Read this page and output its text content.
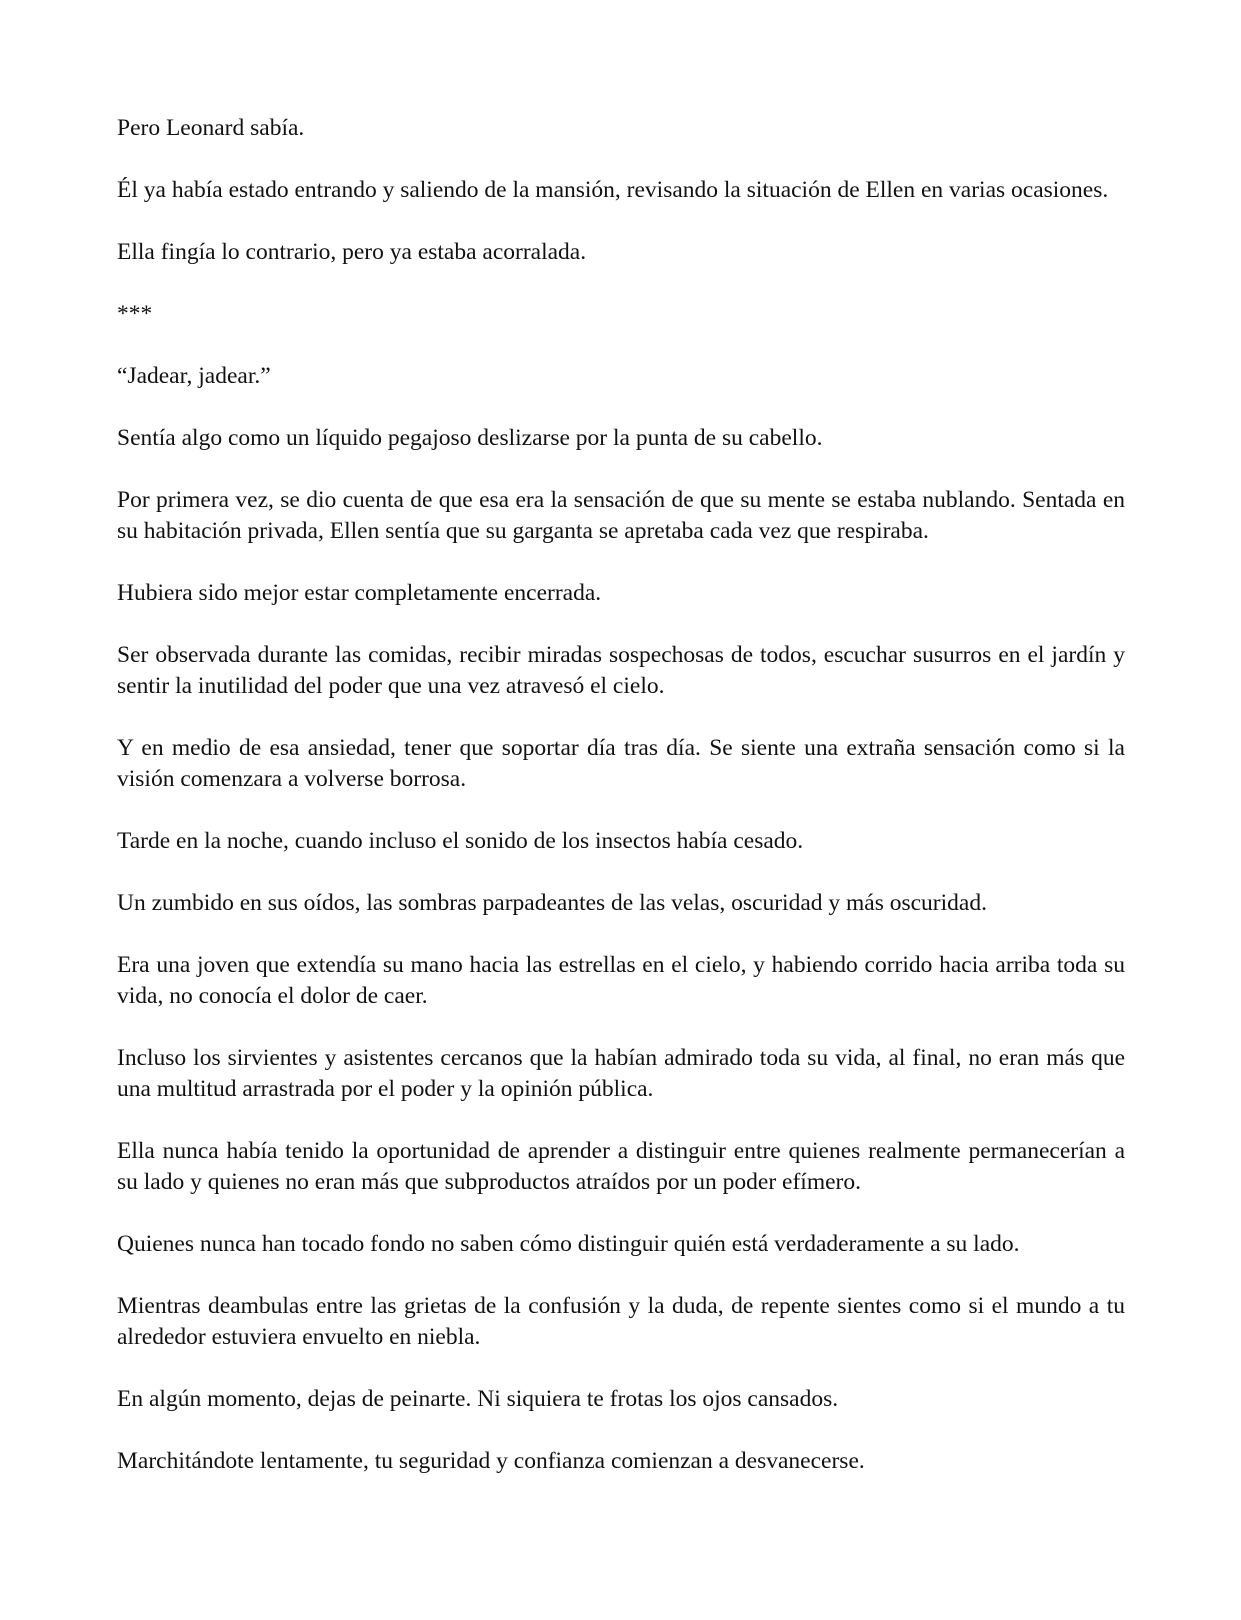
Pero Leonard sabía.

Él ya había estado entrando y saliendo de la mansión, revisando la situación de Ellen en varias ocasiones.

Ella fingía lo contrario, pero ya estaba acorralada.

***

“Jadear, jadear.”

Sentía algo como un líquido pegajoso deslizarse por la punta de su cabello.

Por primera vez, se dio cuenta de que esa era la sensación de que su mente se estaba nublando. Sentada en su habitación privada, Ellen sentía que su garganta se apretaba cada vez que respiraba.

Hubiera sido mejor estar completamente encerrada.

Ser observada durante las comidas, recibir miradas sospechosas de todos, escuchar susurros en el jardín y sentir la inutilidad del poder que una vez atravesó el cielo.

Y en medio de esa ansiedad, tener que soportar día tras día. Se siente una extraña sensación como si la visión comenzara a volverse borrosa.

Tarde en la noche, cuando incluso el sonido de los insectos había cesado.

Un zumbido en sus oídos, las sombras parpadeantes de las velas, oscuridad y más oscuridad.

Era una joven que extendía su mano hacia las estrellas en el cielo, y habiendo corrido hacia arriba toda su vida, no conocía el dolor de caer.

Incluso los sirvientes y asistentes cercanos que la habían admirado toda su vida, al final, no eran más que una multitud arrastrada por el poder y la opinión pública.

Ella nunca había tenido la oportunidad de aprender a distinguir entre quienes realmente permanecerían a su lado y quienes no eran más que subproductos atraídos por un poder efímero.

Quienes nunca han tocado fondo no saben cómo distinguir quién está verdaderamente a su lado.

Mientras deambulas entre las grietas de la confusión y la duda, de repente sientes como si el mundo a tu alrededor estuviera envuelto en niebla.

En algún momento, dejas de peinarte. Ni siquiera te frotas los ojos cansados.

Marchitándote lentamente, tu seguridad y confianza comienzan a desvanecerse.
